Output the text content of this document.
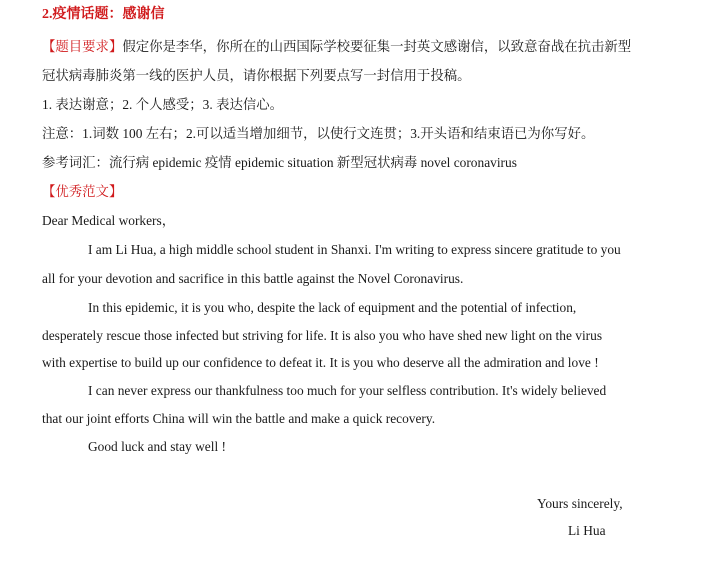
2.疫情话题：感谢信
【题目要求】假定你是李华，你所在的山西国际学校要征集一封英文感谢信，以致意奋战在抗击新型
冠状病毒肺炎第一线的医护人员，请你根据下列要点写一封信用于投稿。
1. 表达谢意；2. 个人感受；3. 表达信心。
注意：1.词数 100 左右；2.可以适当增加细节，以使行文连贯；3.开头语和结束语已为你写好。
参考词汇：流行病 epidemic 疫情 epidemic situation 新型冠状病毒 novel coronavirus
【优秀范文】
Dear Medical workers，
I am Li Hua, a high middle school student in Shanxi. I'm writing to express sincere gratitude to you
all for your devotion and sacrifice in this battle against the Novel Coronavirus.
In this epidemic, it is you who, despite the lack of equipment and the potential of infection,
desperately rescue those infected but striving for life. It is also you who have shed new light on the virus
with expertise to build up our confidence to defeat it. It is you who deserve all the admiration and love !
I can never express our thankfulness too much for your selfless contribution. It's widely believed
that our joint efforts China will win the battle and make a quick recovery.
Good luck and stay well !
Yours sincerely,
Li Hua
